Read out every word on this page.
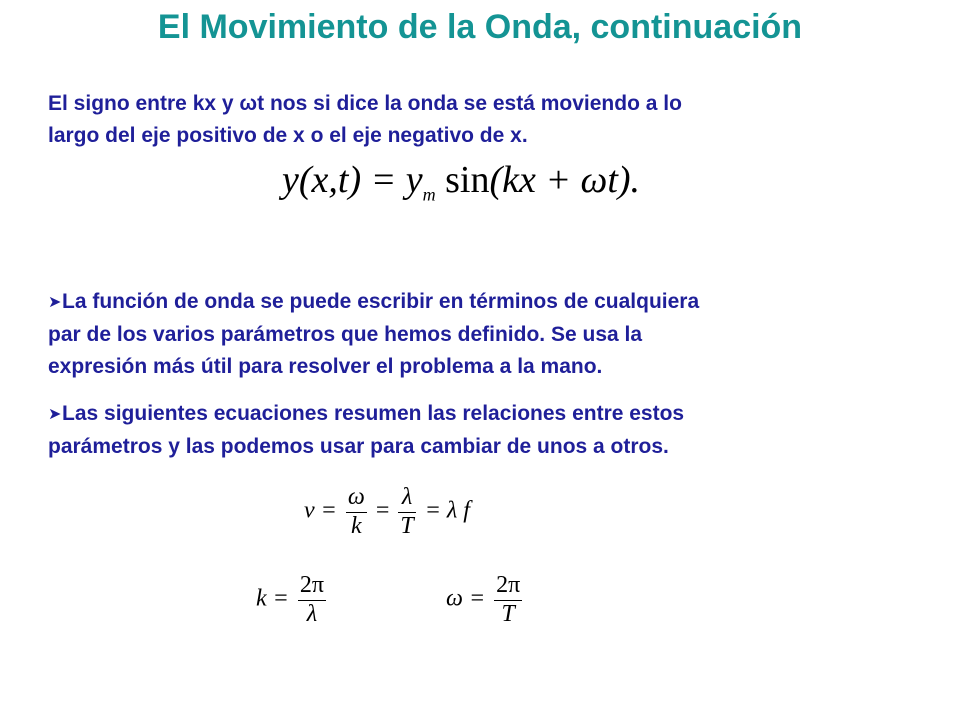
El Movimiento de la Onda, continuación
El signo entre kx y ωt nos si dice la onda se está moviendo a lo
largo del eje positivo de x o el eje negativo de x.
$y(x,t) = y_m$ sin(kx + ωt).
➤La función de onda se puede escribir en términos de cualquiera
par de los varios parámetros que hemos definido. Se usa la
expresión más útil para resolver el problema a la mano.
➤Las siguientes ecuaciones resumen las relaciones entre estos
parámetros y las podemos usar para cambiar de unos a otros.
$v = \frac{\omega}{k} = \frac{\lambda}{T} = \lambda$ f
$k = \frac{2\pi}{\lambda}$	$\omega = \frac{2\pi}{T}$
